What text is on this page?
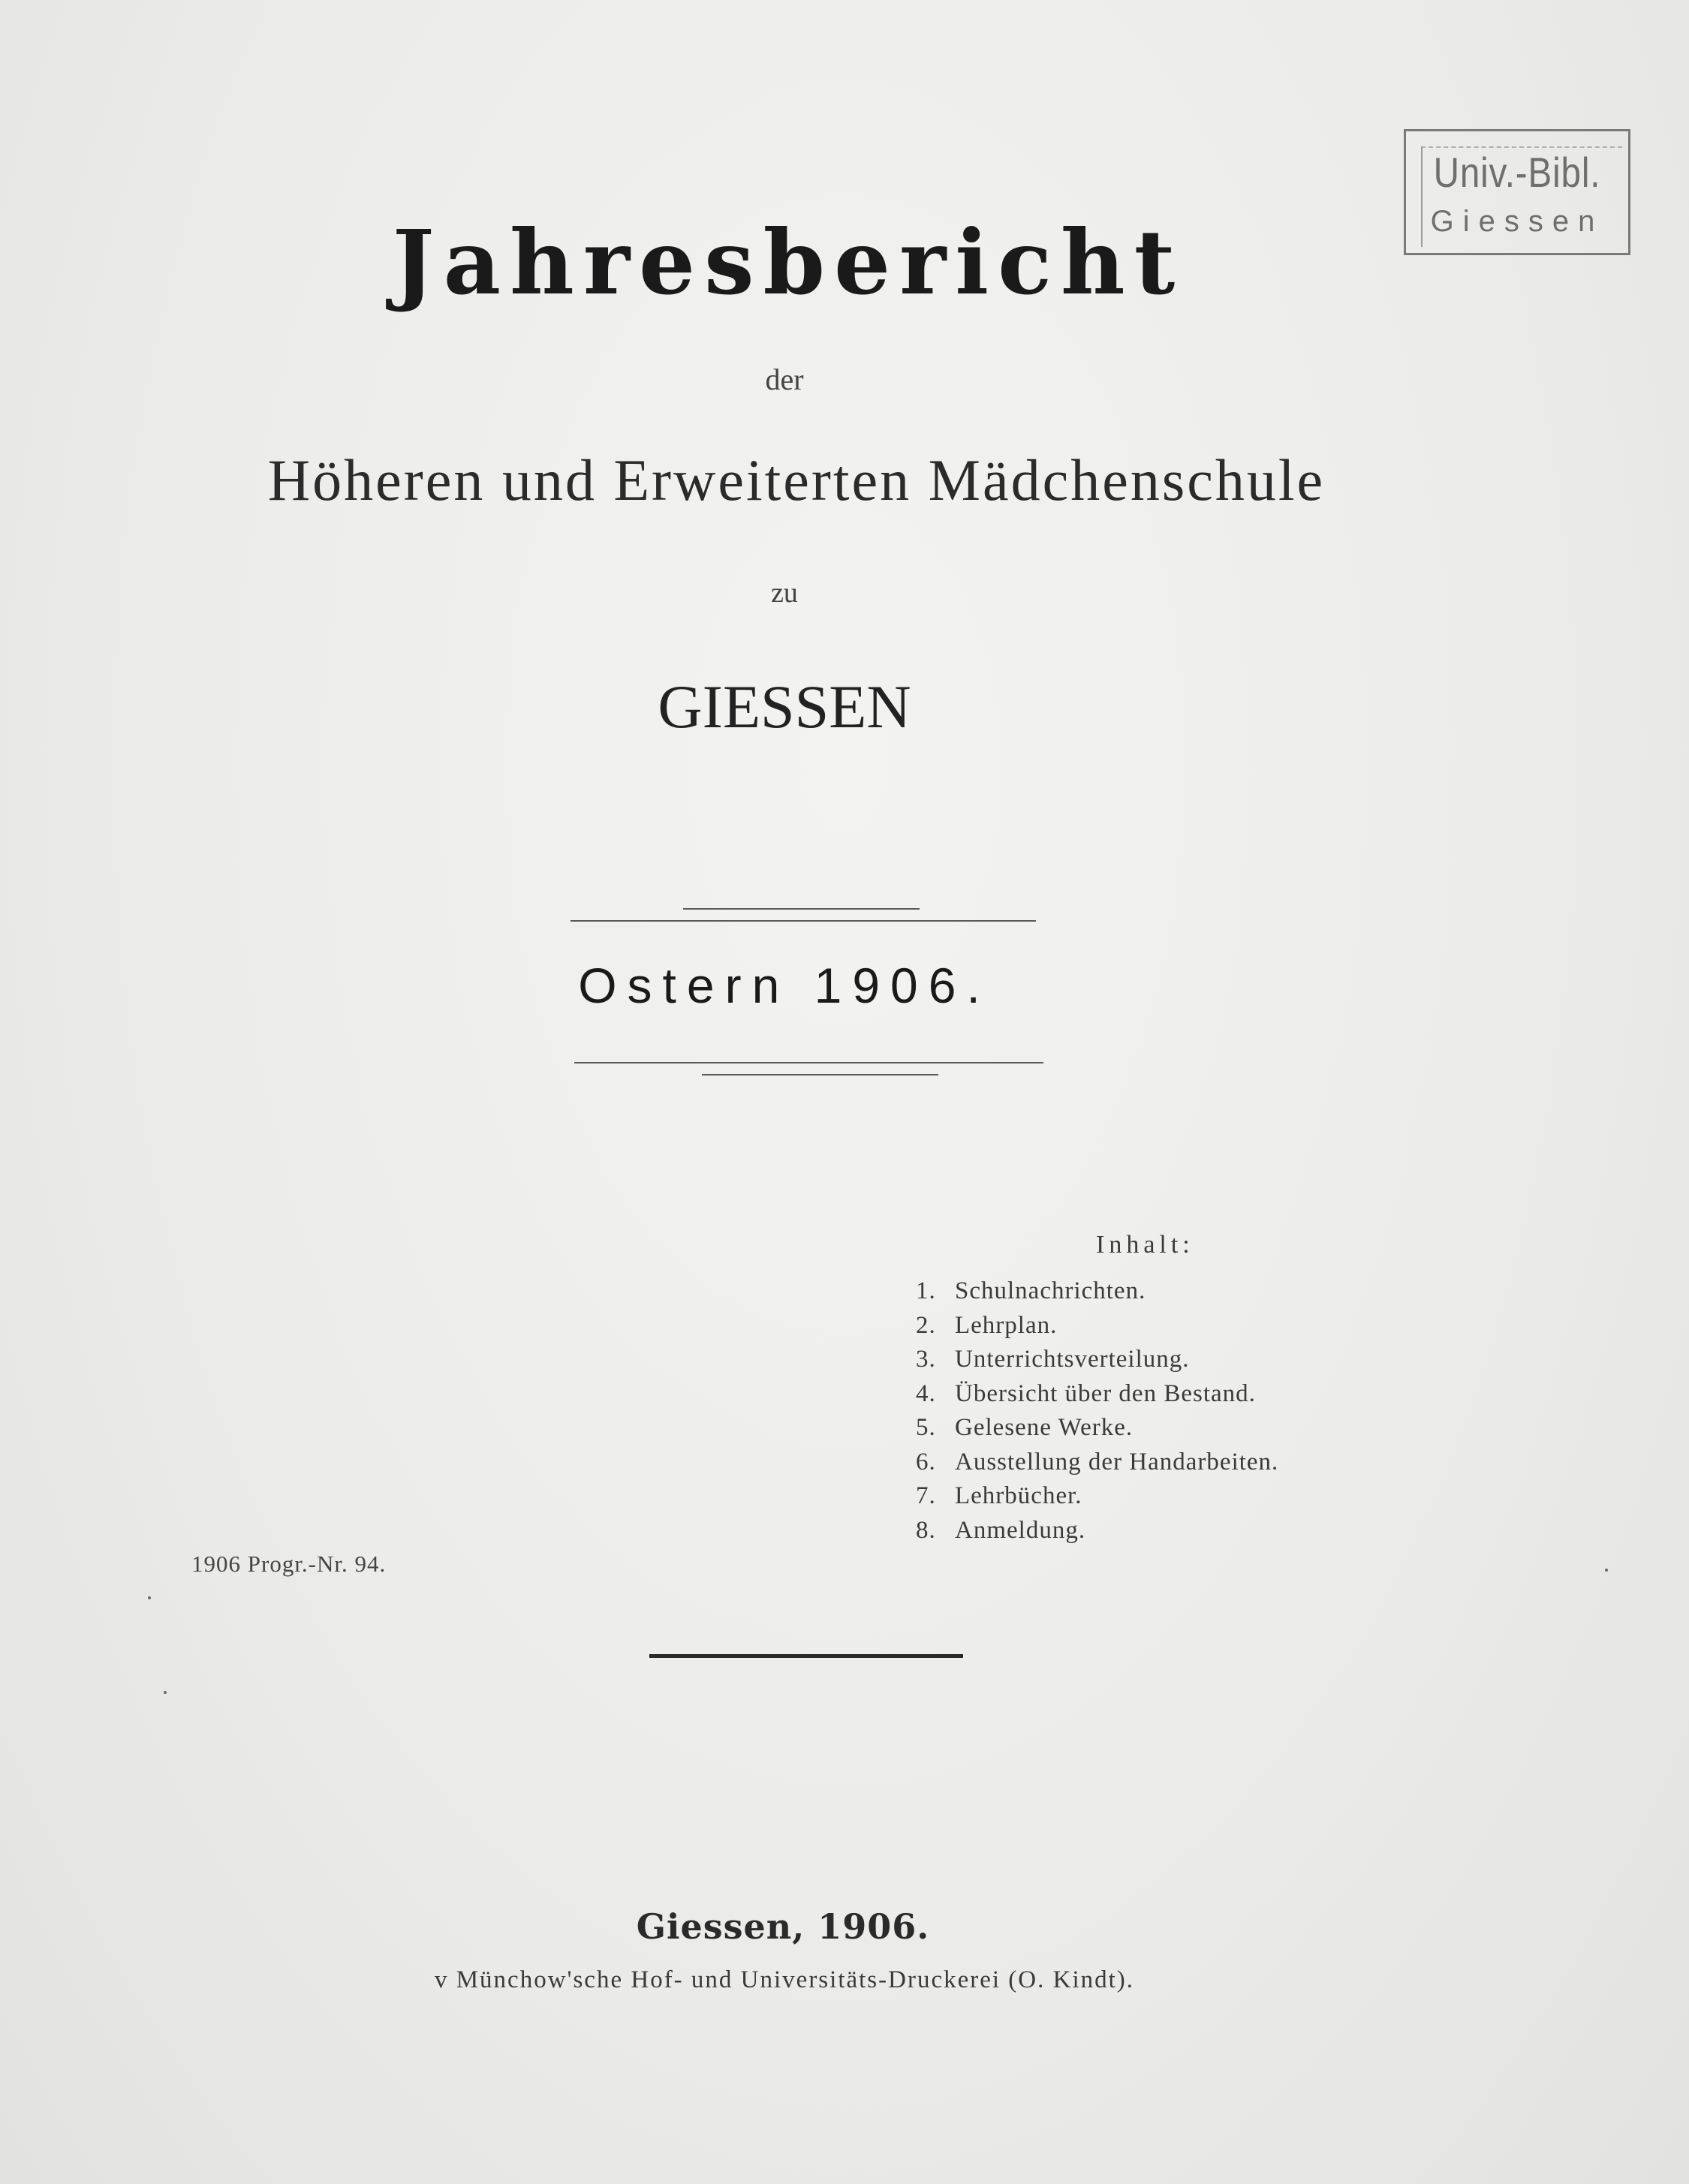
Univ.-Bibl.
Giessen
Jahresbericht
der
Höheren und Erweiterten Mädchenschule
zu
GIESSEN
Ostern 1906.
Inhalt:
1. Schulnachrichten.
2. Lehrplan.
3. Unterrichtsverteilung.
4. Übersicht über den Bestand.
5. Gelesene Werke.
6. Ausstellung der Handarbeiten.
7. Lehrbücher.
8. Anmeldung.
1906 Progr.-Nr. 94.
Giessen, 1906.
v Münchow'sche Hof- und Universitäts-Druckerei (O. Kindt).
